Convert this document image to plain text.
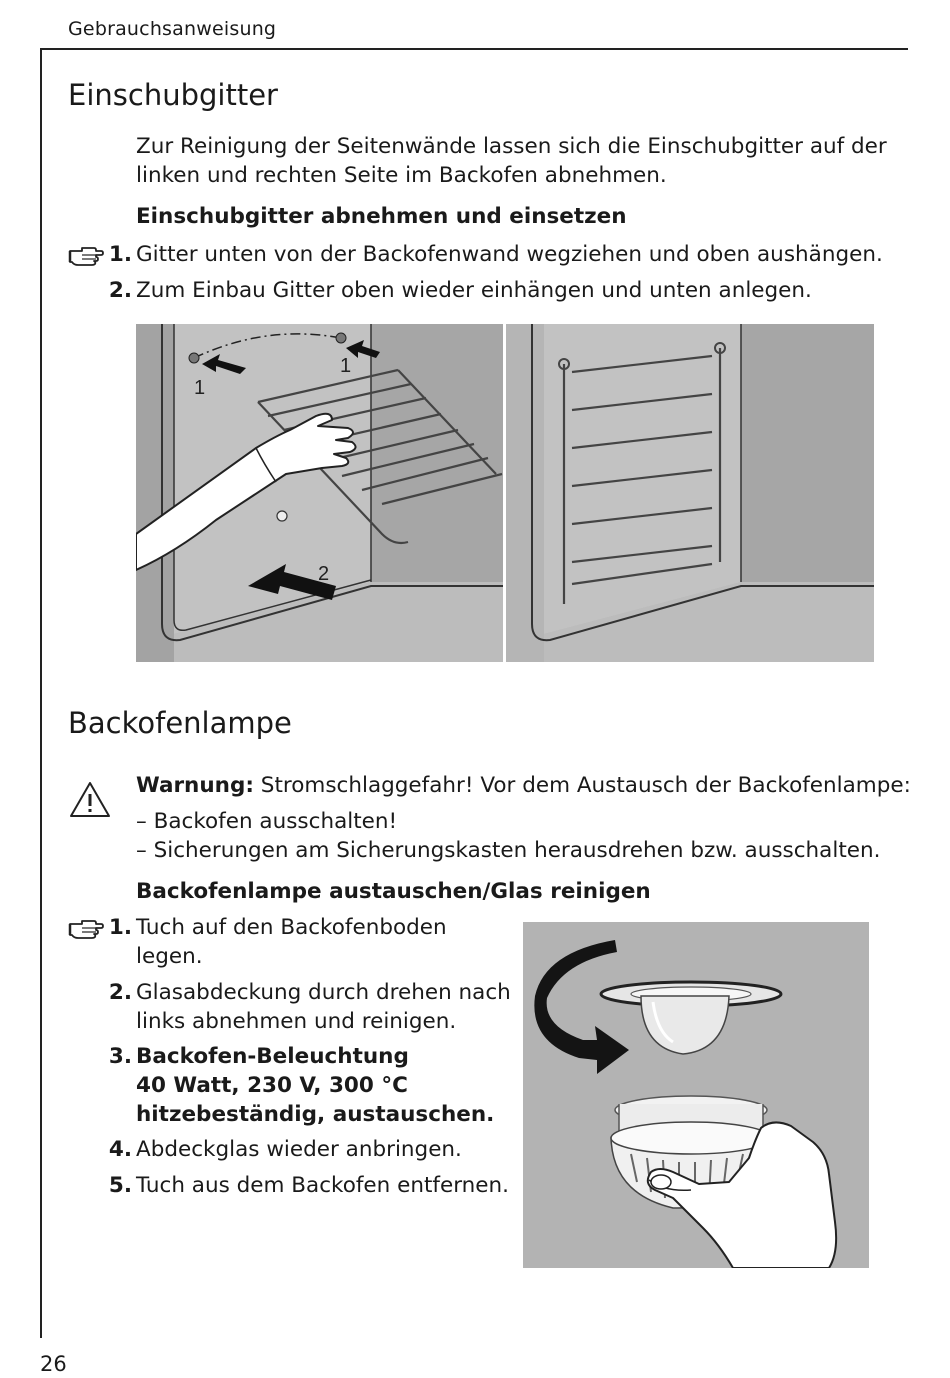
Gebrauchsanweisung
Einschubgitter

Zur Reinigung der Seitenwände lassen sich die Einschubgitter auf der

linken und rechten Seite im Backofen abnehmen.

Einschubgitter abnehmen und einsetzen
1. Gitter unten von der Backofenwand wegziehen und oben aushängen.
2. Zum Einbau Gitter oben wieder einhängen und unten anlegen.
1
1
2
Backofenlampe

Warnung: Stromschlaggefahr! Vor dem Austausch der Backofenlampe:

– Backofen ausschalten!

– Sicherungen am Sicherungskasten herausdrehen bzw. ausschalten.

Backofenlampe austauschen/Glas reinigen
1. Tuch auf den Backofenboden
legen.
2. Glasabdeckung durch drehen nach
links abnehmen und reinigen.
3. Backofen-Beleuchtung
40 Watt, 230 V, 300 °C
hitzebeständig, austauschen.
4. Abdeckglas wieder anbringen.
5. Tuch aus dem Backofen entfernen.
26
